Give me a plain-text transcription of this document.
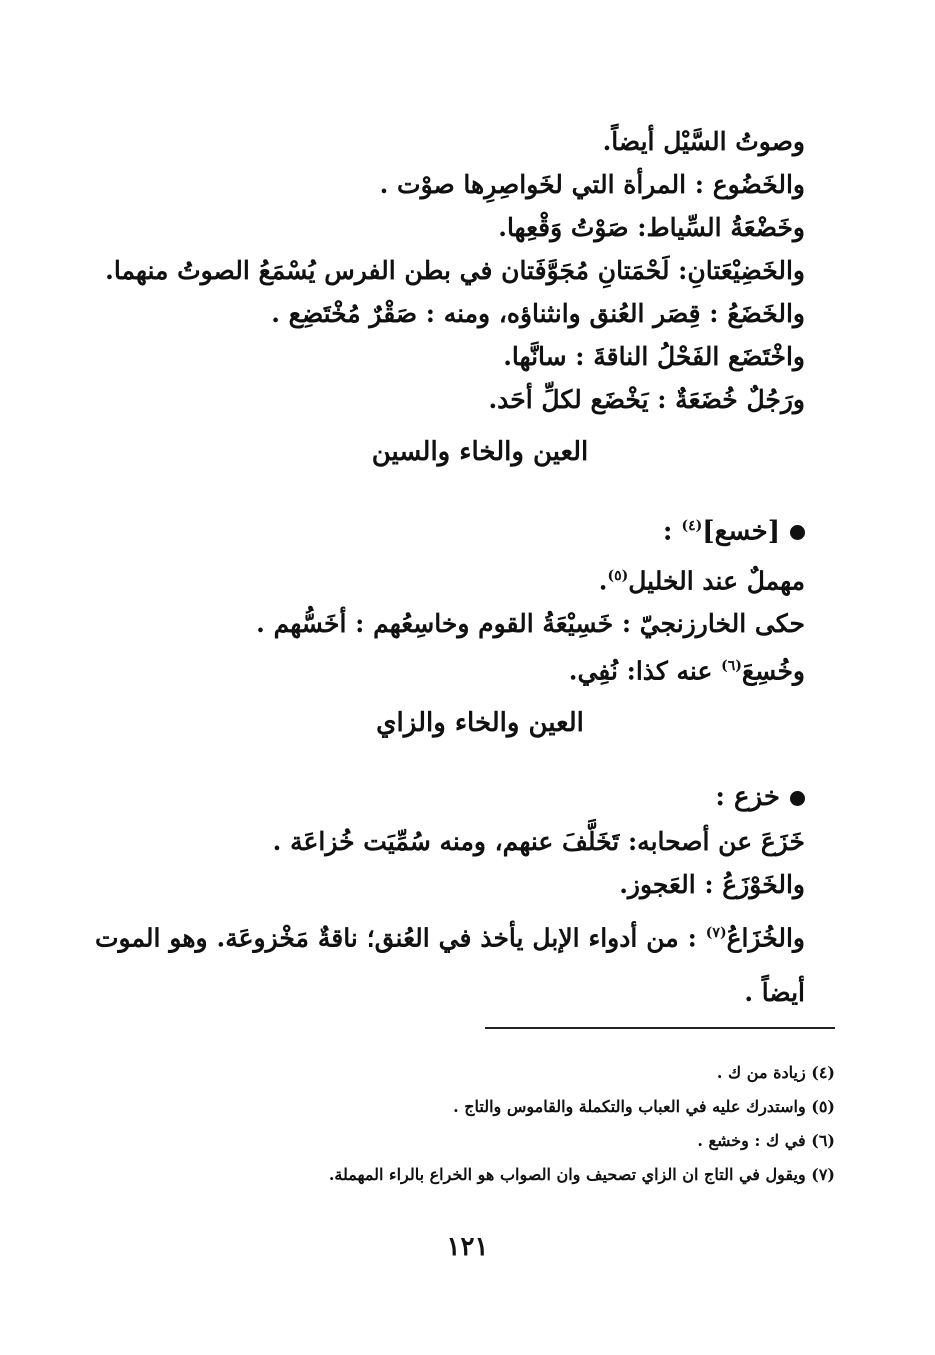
وصوتُ السَّيْل أيضاً.
والخَضُوع : المرأة التي لخَواصِرِها صوْت .
وخَضْعَةُ السِّياط: صَوْتُ وَقْعِها.
والخَضِيْعَتانِ: لَحْمَتانِ مُجَوَّفَتان في بطن الفرس يُسْمَعُ الصوتُ منهما.
والخَضَعُ : قِصَر العُنق وانثناؤه، ومنه : صَقْرٌ مُخْتَضِع .
واخْتَضَع الفَحْلُ الناقةَ : سانَّها.
ورَجُلٌ خُضَعَةٌ : يَخْضَع لكلِّ أحَد.
العين والخاء والسين
[خسع]$^{(٤)}$ :
مهملٌ عند الخليل$^{(٥)}$.
حكى الخارزنجيّ : خَسِيْعَةُ القوم وخاسِعُهم : أخَسُّهم .
وخُسِعَ$^{(٦)}$ عنه كذا: نُفِي.
العين والخاء والزاي
خزع :
خَزَعَ عن أصحابه: تَخَلَّفَ عنهم، ومنه سُمِّيَت خُزاعَة .
والخَوْزَعُ : العَجوز.
والخُزَاعُ$^{(٧)}$ : من أدواء الإبل يأخذ في العُنق؛ ناقةٌ مَخْزوعَة. وهو الموت أيضاً .
(٤) زيادة من ك .
(٥) واستدرك عليه في العباب والتكملة والقاموس والتاج .
(٦) في ك : وخشع .
(٧) ويقول في التاج ان الزاي تصحيف وان الصواب هو الخراع بالراء المهملة.
١٢١
